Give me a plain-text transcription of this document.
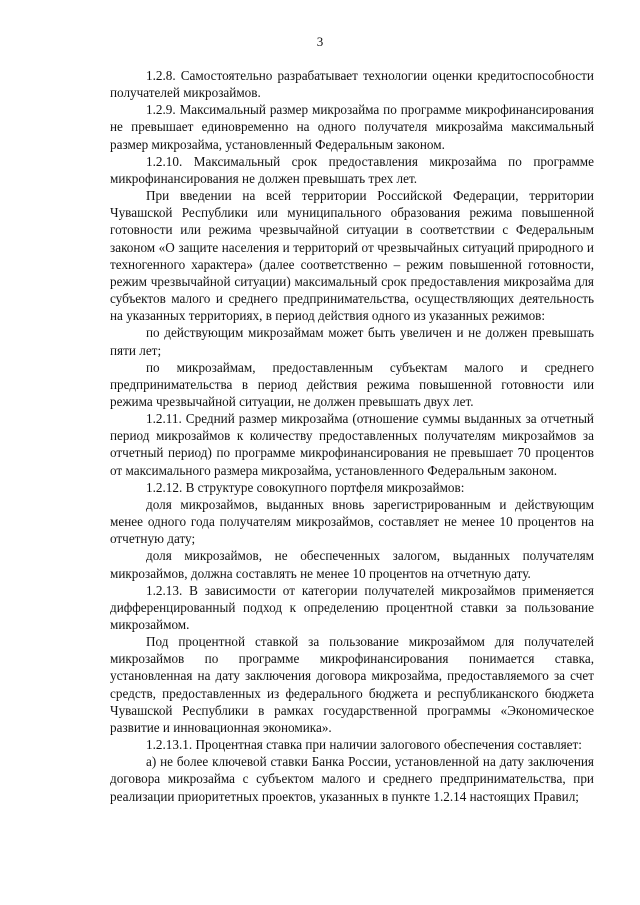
3

1.2.8. Самостоятельно разрабатывает технологии оценки кредитоспособности получателей микрозаймов.

1.2.9. Максимальный размер микрозайма по программе микрофинансирования не превышает единовременно на одного получателя микрозайма максимальный размер микрозайма, установленный Федеральным законом.

1.2.10. Максимальный срок предоставления микрозайма по программе микрофинансирования не должен превышать трех лет.

При введении на всей территории Российской Федерации, территории Чувашской Республики или муниципального образования режима повышенной готовности или режима чрезвычайной ситуации в соответствии с Федеральным законом «О защите населения и территорий от чрезвычайных ситуаций природного и техногенного характера» (далее соответственно – режим повышенной готовности, режим чрезвычайной ситуации) максимальный срок предоставления микрозайма для субъектов малого и среднего предпринимательства, осуществляющих деятельность на указанных территориях, в период действия одного из указанных режимов:

по действующим микрозаймам может быть увеличен и не должен превышать пяти лет;

по микрозаймам, предоставленным субъектам малого и среднего предпринимательства в период действия режима повышенной готовности или режима чрезвычайной ситуации, не должен превышать двух лет.

1.2.11. Средний размер микрозайма (отношение суммы выданных за отчетный период микрозаймов к количеству предоставленных получателям микрозаймов за отчетный период) по программе микрофинансирования не превышает 70 процентов от максимального размера микрозайма, установленного Федеральным законом.

1.2.12. В структуре совокупного портфеля микрозаймов:

доля микрозаймов, выданных вновь зарегистрированным и действующим менее одного года получателям микрозаймов, составляет не менее 10 процентов на отчетную дату;

доля микрозаймов, не обеспеченных залогом, выданных получателям микрозаймов, должна составлять не менее 10 процентов на отчетную дату.

1.2.13. В зависимости от категории получателей микрозаймов применяется дифференцированный подход к определению процентной ставки за пользование микрозаймом.

Под процентной ставкой за пользование микрозаймом для получателей микрозаймов по программе микрофинансирования понимается ставка, установленная на дату заключения договора микрозайма, предоставляемого за счет средств, предоставленных из федерального бюджета и республиканского бюджета Чувашской Республики в рамках государственной программы «Экономическое развитие и инновационная экономика».

1.2.13.1. Процентная ставка при наличии залогового обеспечения составляет:

а) не более ключевой ставки Банка России, установленной на дату заключения договора микрозайма с субъектом малого и среднего предпринимательства, при реализации приоритетных проектов, указанных в пункте 1.2.14 настоящих Правил;
